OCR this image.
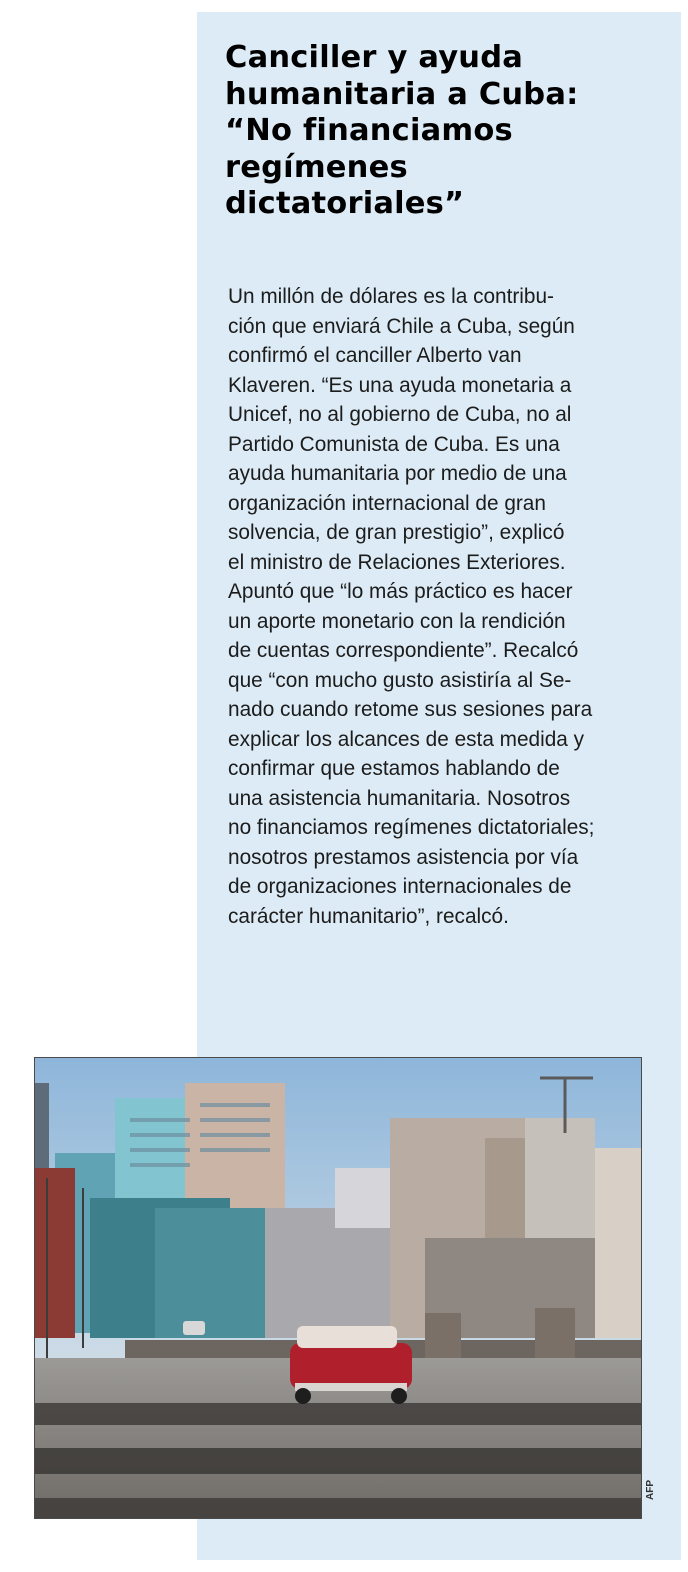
Canciller y ayuda
humanitaria a Cuba:
“No financiamos
regímenes
dictatoriales”
Un millón de dólares es la contribu-
ción que enviará Chile a Cuba, según
confirmó el canciller Alberto van
Klaveren. “Es una ayuda monetaria a
Unicef, no al gobierno de Cuba, no al
Partido Comunista de Cuba. Es una
ayuda humanitaria por medio de una
organización internacional de gran
solvencia, de gran prestigio”, explicó
el ministro de Relaciones Exteriores.
Apuntó que “lo más práctico es hacer
un aporte monetario con la rendición
de cuentas correspondiente”. Recalcó
que “con mucho gusto asistiría al Se-
nado cuando retome sus sesiones para
explicar los alcances de esta medida y
confirmar que estamos hablando de
una asistencia humanitaria. Nosotros
no financiamos regímenes dictatoriales;
nosotros prestamos asistencia por vía
de organizaciones internacionales de
carácter humanitario”, recalcó.
AFP
